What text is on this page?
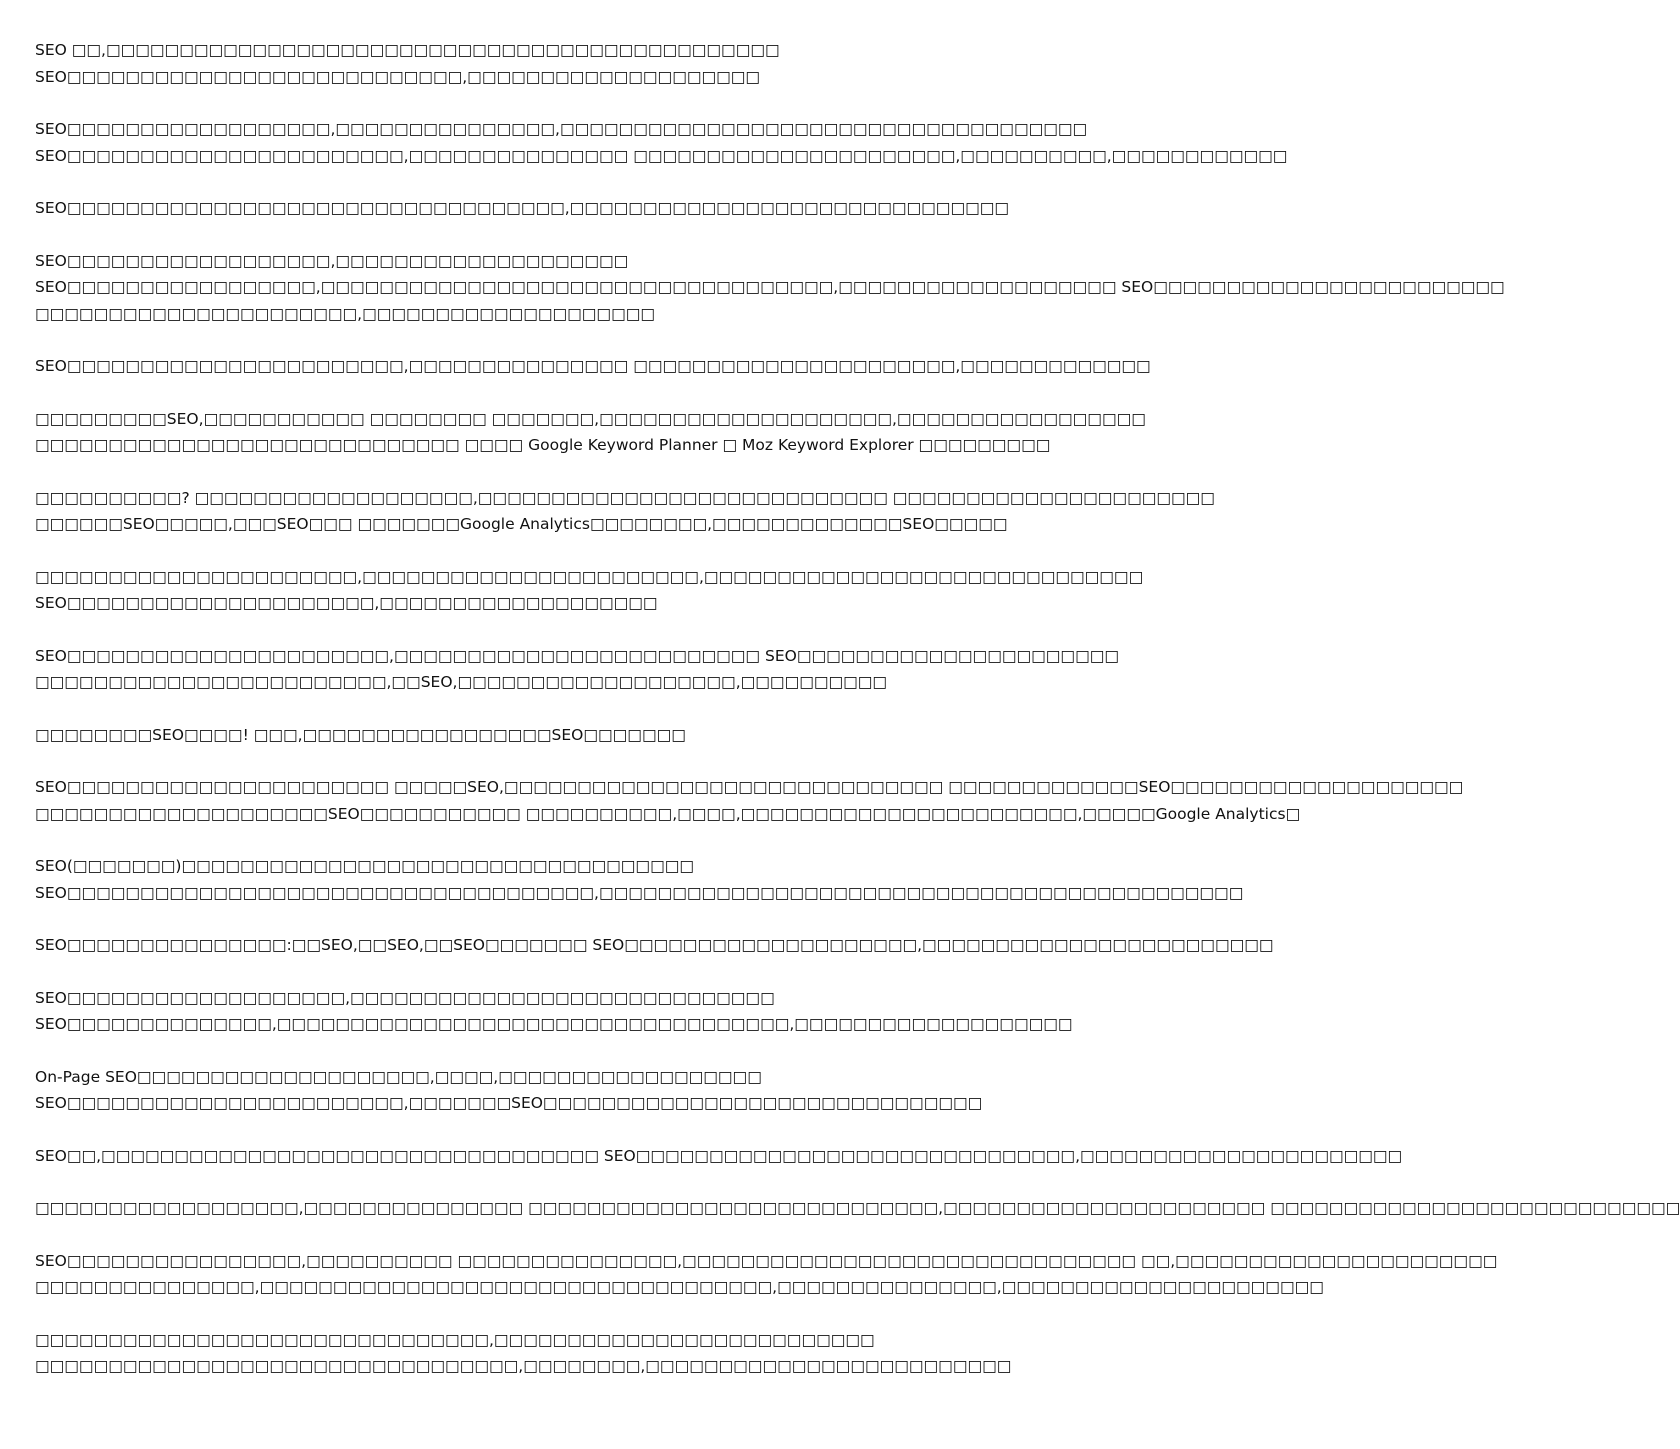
SEO □□,□□□□□□□□□□□□□□□□□□□□□□□□□□□□□□□□□□□□□□□□□□□□□□
SEO□□□□□□□□□□□□□□□□□□□□□□□□□□□,□□□□□□□□□□□□□□□□□□□□
SEO□□□□□□□□□□□□□□□□□□,□□□□□□□□□□□□□□□,□□□□□□□□□□□□□□□□□□□□□□□□□□□□□□□□□□□□
SEO□□□□□□□□□□□□□□□□□□□□□□□,□□□□□□□□□□□□□□□ □□□□□□□□□□□□□□□□□□□□□□,□□□□□□□□□□,□□□□□□□□□□□□
SEO□□□□□□□□□□□□□□□□□□□□□□□□□□□□□□□□□□,□□□□□□□□□□□□□□□□□□□□□□□□□□□□□□
SEO□□□□□□□□□□□□□□□□□□,□□□□□□□□□□□□□□□□□□□□
SEO□□□□□□□□□□□□□□□□□,□□□□□□□□□□□□□□□□□□□□□□□□□□□□□□□□□□□,□□□□□□□□□□□□□□□□□□□ SEO□□□□□□□□□□□□□□□□□□□□□□□□
□□□□□□□□□□□□□□□□□□□□□□,□□□□□□□□□□□□□□□□□□□□
SEO□□□□□□□□□□□□□□□□□□□□□□□,□□□□□□□□□□□□□□□ □□□□□□□□□□□□□□□□□□□□□□,□□□□□□□□□□□□□
□□□□□□□□□SEO,□□□□□□□□□□□ □□□□□□□□ □□□□□□□,□□□□□□□□□□□□□□□□□□□□,□□□□□□□□□□□□□□□□□
□□□□□□□□□□□□□□□□□□□□□□□□□□□□□ □□□□ Google Keyword Planner □ Moz Keyword Explorer □□□□□□□□□
□□□□□□□□□□? □□□□□□□□□□□□□□□□□□□,□□□□□□□□□□□□□□□□□□□□□□□□□□□□ □□□□□□□□□□□□□□□□□□□□□□
□□□□□□SEO□□□□□,□□□SEO□□□ □□□□□□□Google Analytics□□□□□□□□,□□□□□□□□□□□□□SEO□□□□□
□□□□□□□□□□□□□□□□□□□□□□,□□□□□□□□□□□□□□□□□□□□□□□,□□□□□□□□□□□□□□□□□□□□□□□□□□□□□□
SEO□□□□□□□□□□□□□□□□□□□□□,□□□□□□□□□□□□□□□□□□□
SEO□□□□□□□□□□□□□□□□□□□□□□,□□□□□□□□□□□□□□□□□□□□□□□□□ SEO□□□□□□□□□□□□□□□□□□□□□□
□□□□□□□□□□□□□□□□□□□□□□□□,□□SEO,□□□□□□□□□□□□□□□□□□□,□□□□□□□□□□
□□□□□□□□SEO□□□□! □□□,□□□□□□□□□□□□□□□□□SEO□□□□□□□
SEO□□□□□□□□□□□□□□□□□□□□□□ □□□□□SEO,□□□□□□□□□□□□□□□□□□□□□□□□□□□□□□ □□□□□□□□□□□□□SEO□□□□□□□□□□□□□□□□□□□□
□□□□□□□□□□□□□□□□□□□□SEO□□□□□□□□□□□ □□□□□□□□□□,□□□□,□□□□□□□□□□□□□□□□□□□□□□□,□□□□□Google Analytics□
SEO(□□□□□□□)□□□□□□□□□□□□□□□□□□□□□□□□□□□□□□□□□□□
SEO□□□□□□□□□□□□□□□□□□□□□□□□□□□□□□□□□□□□,□□□□□□□□□□□□□□□□□□□□□□□□□□□□□□□□□□□□□□□□□□□□
SEO□□□□□□□□□□□□□□□:□□SEO,□□SEO,□□SEO□□□□□□□ SEO□□□□□□□□□□□□□□□□□□□□,□□□□□□□□□□□□□□□□□□□□□□□□
SEO□□□□□□□□□□□□□□□□□□□,□□□□□□□□□□□□□□□□□□□□□□□□□□□□□
SEO□□□□□□□□□□□□□□,□□□□□□□□□□□□□□□□□□□□□□□□□□□□□□□□□□□,□□□□□□□□□□□□□□□□□□□
On-Page SEO□□□□□□□□□□□□□□□□□□□□,□□□□,□□□□□□□□□□□□□□□□□□
SEO□□□□□□□□□□□□□□□□□□□□□□□,□□□□□□□SEO□□□□□□□□□□□□□□□□□□□□□□□□□□□□□□
SEO□□,□□□□□□□□□□□□□□□□□□□□□□□□□□□□□□□□□□ SEO□□□□□□□□□□□□□□□□□□□□□□□□□□□□□□,□□□□□□□□□□□□□□□□□□□□□□
□□□□□□□□□□□□□□□□□□,□□□□□□□□□□□□□□□ □□□□□□□□□□□□□□□□□□□□□□□□□□□□,□□□□□□□□□□□□□□□□□□□□□□ □□□□□□□□□□□□□□□□□□□□□□□□□□□□
SEO□□□□□□□□□□□□□□□□,□□□□□□□□□□ □□□□□□□□□□□□□□□,□□□□□□□□□□□□□□□□□□□□□□□□□□□□□□□ □□,□□□□□□□□□□□□□□□□□□□□□□
□□□□□□□□□□□□□□□,□□□□□□□□□□□□□□□□□□□□□□□□□□□□□□□□□□□,□□□□□□□□□□□□□□□,□□□□□□□□□□□□□□□□□□□□□□
□□□□□□□□□□□□□□□□□□□□□□□□□□□□□□□,□□□□□□□□□□□□□□□□□□□□□□□□□□
□□□□□□□□□□□□□□□□□□□□□□□□□□□□□□□□□,□□□□□□□□,□□□□□□□□□□□□□□□□□□□□□□□□□
